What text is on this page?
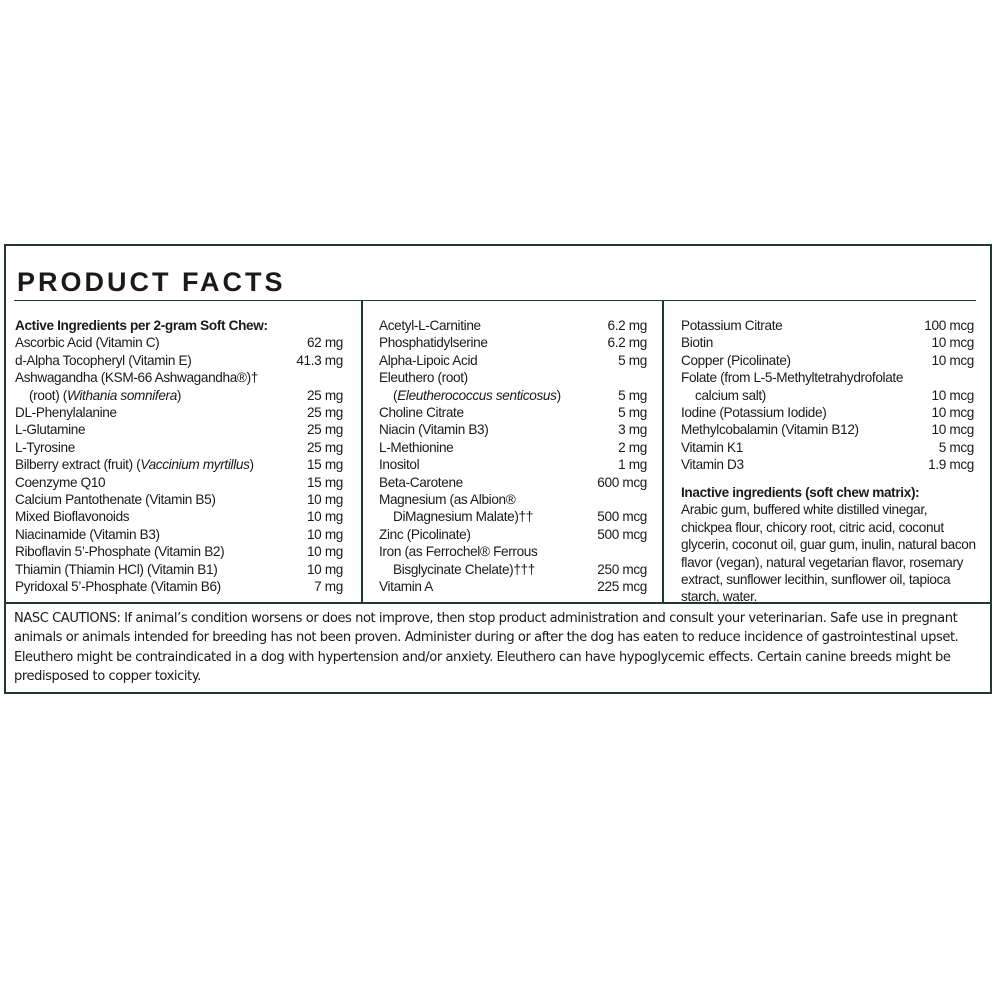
PRODUCT FACTS
Active Ingredients per 2-gram Soft Chew:
Ascorbic Acid (Vitamin C)	62 mg
d-Alpha Tocopheryl (Vitamin E)	41.3 mg
Ashwagandha (KSM-66 Ashwagandha®)†
(root) (Withania somnifera)	25 mg
DL-Phenylalanine	25 mg
L-Glutamine	25 mg
L-Tyrosine	25 mg
Bilberry extract (fruit) (Vaccinium myrtillus)	15 mg
Coenzyme Q10	15 mg
Calcium Pantothenate (Vitamin B5)	10 mg
Mixed Bioflavonoids	10 mg
Niacinamide (Vitamin B3)	10 mg
Riboflavin 5’-Phosphate (Vitamin B2)	10 mg
Thiamin (Thiamin HCl) (Vitamin B1)	10 mg
Pyridoxal 5’-Phosphate (Vitamin B6)	7 mg
Acetyl-L-Carnitine	6.2 mg
Phosphatidylserine	6.2 mg
Alpha-Lipoic Acid	5 mg
Eleuthero (root)
(Eleutherococcus senticosus)	5 mg
Choline Citrate	5 mg
Niacin (Vitamin B3)	3 mg
L-Methionine	2 mg
Inositol	1 mg
Beta-Carotene	600 mcg
Magnesium (as Albion®
DiMagnesium Malate)††	500 mcg
Zinc (Picolinate)	500 mcg
Iron (as Ferrochel® Ferrous
Bisglycinate Chelate)†††	250 mcg
Vitamin A	225 mcg
Potassium Citrate	100 mcg
Biotin	10 mcg
Copper (Picolinate)	10 mcg
Folate (from L-5-Methyltetrahydrofolate
calcium salt)	10 mcg
Iodine (Potassium Iodide)	10 mcg
Methylcobalamin (Vitamin B12)	10 mcg
Vitamin K1	5 mcg
Vitamin D3	1.9 mcg
Inactive ingredients (soft chew matrix):
Arabic gum, buffered white distilled vinegar, chickpea flour, chicory root, citric acid, coconut glycerin, coconut oil, guar gum, inulin, natural bacon flavor (vegan), natural vegetarian flavor, rosemary extract, sunflower lecithin, sunflower oil, tapioca starch, water.
NASC CAUTIONS: If animal’s condition worsens or does not improve, then stop product administration and consult your veterinarian. Safe use in pregnant animals or animals intended for breeding has not been proven. Administer during or after the dog has eaten to reduce incidence of gastrointestinal upset. Eleuthero might be contraindicated in a dog with hypertension and/or anxiety. Eleuthero can have hypoglycemic effects. Certain canine breeds might be predisposed to copper toxicity.
